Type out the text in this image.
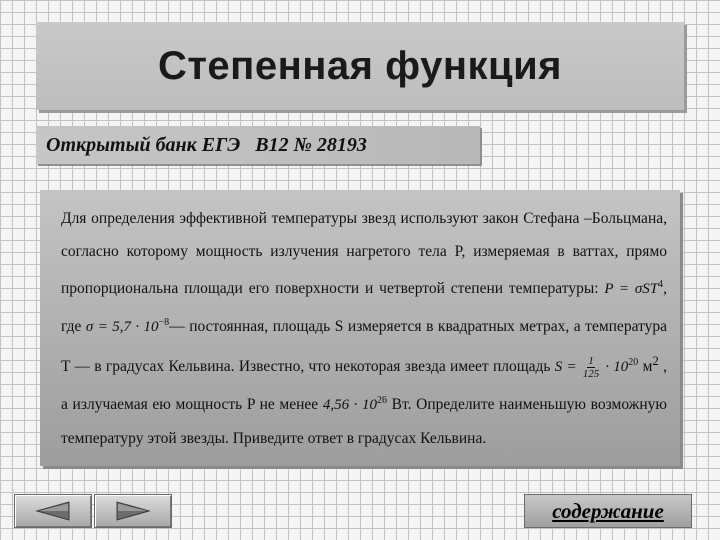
Степенная функция
Открытый банк ЕГЭ   В12 № 28193
Для определения эффективной температуры звезд используют закон Стефана –Больцмана, согласно которому мощность излучения нагретого тела P, измеряемая в ваттах, прямо пропорциональна площади его поверхности и четвертой степени температуры: P = σST$^4$, где $\sigma = 5,7 \cdot 10^{-8}—$ постоянная, площадь S измеряется в квадратных метрах, а температура T — в градусах Кельвина. Известно, что некоторая звезда имеет площадь $S = \frac{1}{125} \cdot 10^{20}$ $м^2$ , а излучаемая ею мощность P не менее $4,56 \cdot 10^{26}$ Вт. Определите наименьшую возможную температуру этой звезды. Приведите ответ в градусах Кельвина.
содержание
